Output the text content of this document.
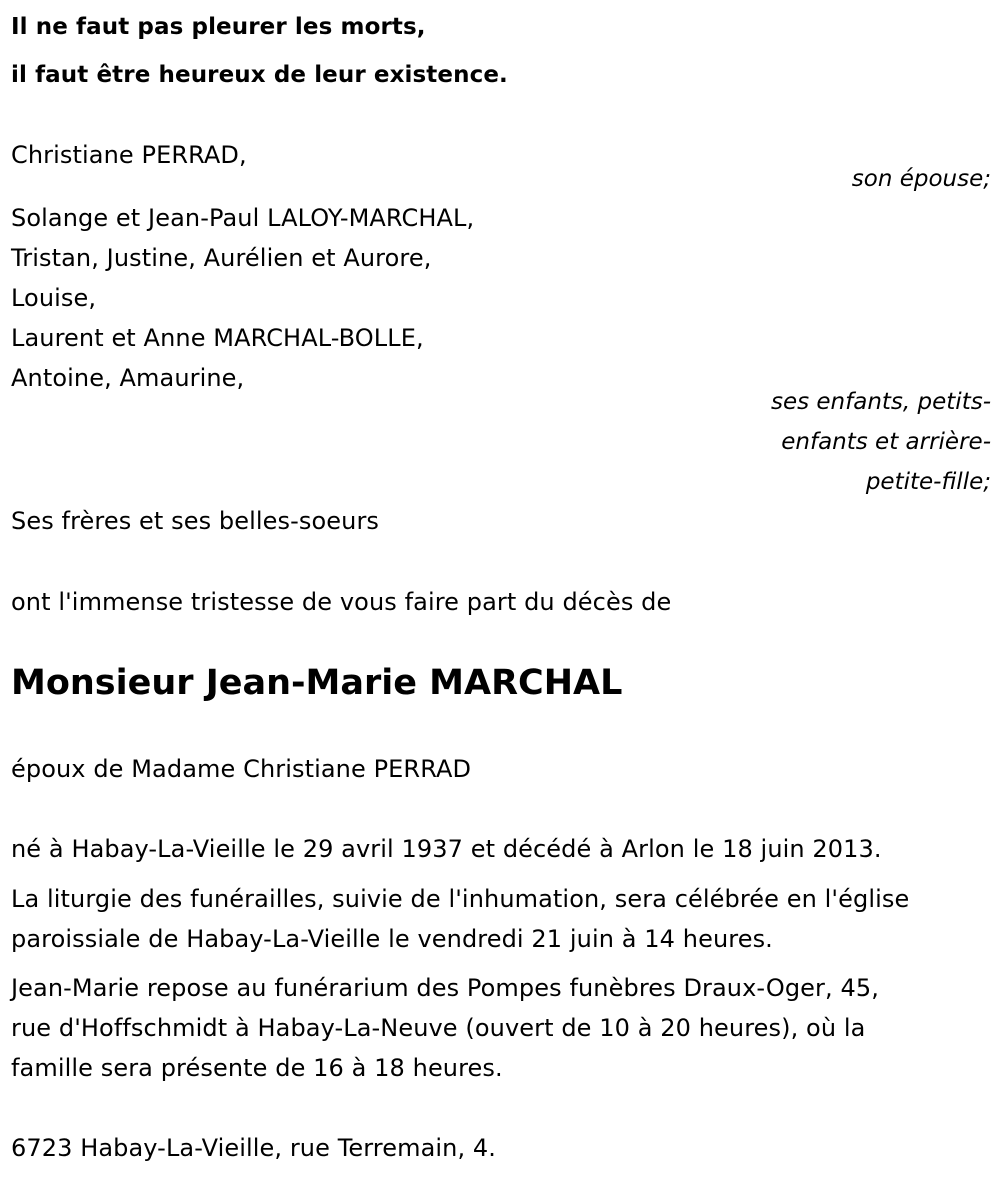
Il ne faut pas pleurer les morts,
il faut être heureux de leur existence.
Christiane PERRAD,
son épouse;
Solange et Jean-Paul LALOY-MARCHAL,
Tristan, Justine, Aurélien et Aurore,
Louise,
Laurent et Anne MARCHAL-BOLLE,
Antoine, Amaurine,
ses enfants, petits-
enfants et arrière-
petite-fille;
Ses frères et ses belles-soeurs
ont l'immense tristesse de vous faire part du décès de
Monsieur Jean-Marie MARCHAL
époux de Madame Christiane PERRAD
né à Habay-La-Vieille le 29 avril 1937 et décédé à Arlon le 18 juin 2013.
La liturgie des funérailles, suivie de l'inhumation, sera célébrée en l'église
paroissiale de Habay-La-Vieille le vendredi 21 juin à 14 heures.
Jean-Marie repose au funérarium des Pompes funèbres Draux-Oger, 45,
rue d'Hoffschmidt à Habay-La-Neuve (ouvert de 10 à 20 heures), où la
famille sera présente de 16 à 18 heures.
6723 Habay-La-Vieille, rue Terremain, 4.
